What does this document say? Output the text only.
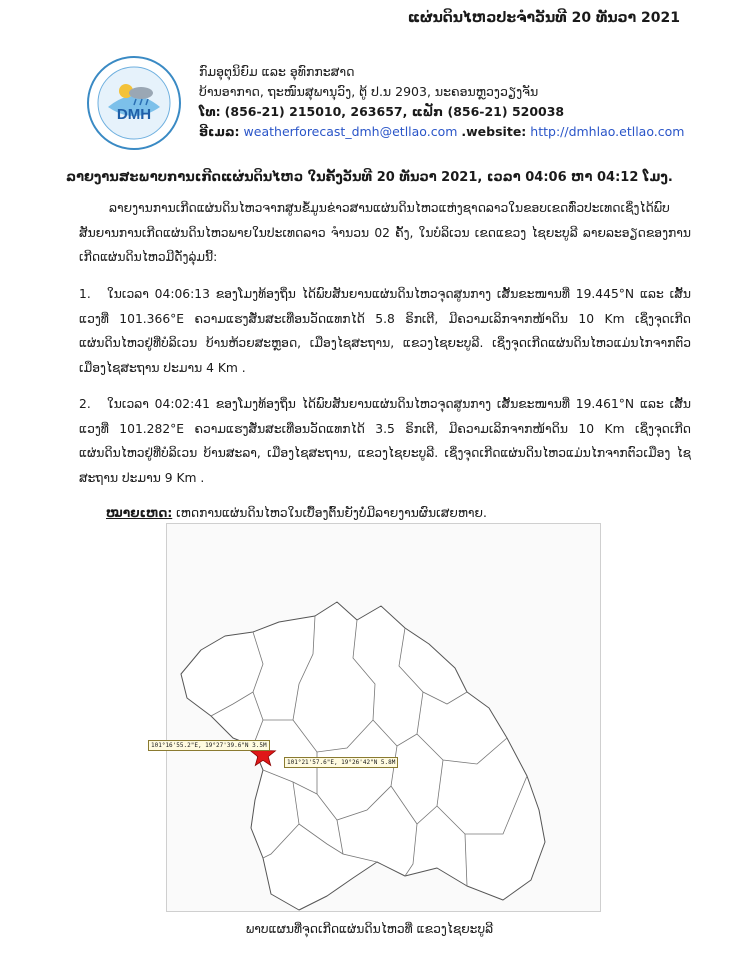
ແຜ່ນດິນໄຫວປະຈຳວັນທີ 20 ທັນວາ 2021
DMH
ກົມອຸຕຸນິຍົມ ແລະ ອຸທົກກະສາດ
ບ້ານອາກາດ, ຖະໜົນສຸພານຸວົງ, ຕູ້ ປ.ນ 2903, ນະຄອນຫຼວງວຽງຈັນ
ໂທ: (856-21) 215010, 263657, ແຟັກ (856-21) 520038
ອີເມລ: weatherforecast_dmh@etllao.com .website: http://dmhlao.etllao.com
ລາຍງານສະພາບການເກີດແຜ່ນດິນໄຫວ ໃນຄັ້ງວັນທີ 20 ທັນວາ 2021, ເວລາ 04:06 ຫາ 04:12 ໂມງ.
ລາຍງານການເກີດແຜ່ນດິນໄຫວຈາກສູນຂໍ້ມູນຂ່າວສານແຜ່ນດິນໄຫວແຫ່ງຊາດລາວໃນຂອບເຂດທົ່ວປະເທດເຊິ່ງໄດ້ພົບສັນຍານການເກີດແຜ່ນດິນໄຫວພາຍໃນປະເທດລາວ ຈຳນວນ 02 ຄັ້ງ, ໃນບໍລິເວນ ເຂດແຂວງ ໄຊຍະບູລີ ລາຍລະອຽດຂອງການເກີດແຜ່ນດິນໄຫວມີດັ່ງລຸ່ມນີ້:
1. ໃນເວລາ 04:06:13 ຂອງໂມງທ້ອງຖິ່ນ ໄດ້ພົບສັນຍານແຜ່ນດິນໄຫວຈຸດສູນກາງ ເສັ້ນຂະໜານທີ່ 19.445°N ແລະ ເສັ້ນແວງທີ່ 101.366°E ຄວາມແຮງສັ່ນສະເທືອນວັດແທກໄດ້ 5.8 ຣິກເຕີ, ມີຄວາມເລິກຈາກໜ້າດິນ 10 Km ເຊິ່ງຈຸດເກີດແຜ່ນດິນໄຫວຢູ່ທີ່ບໍລິເວນ ບ້ານຫ້ວຍສະຫຼອດ, ເມືອງໄຊສະຖານ, ແຂວງໄຊຍະບູລີ. ເຊິ່ງຈຸດເກີດແຜ່ນດິນໄຫວແມ່ນໄກຈາກຕົວເມືອງໄຊສະຖານ ປະມານ 4 Km .
2. ໃນເວລາ 04:02:41 ຂອງໂມງທ້ອງຖິ່ນ ໄດ້ພົບສັນຍານແຜ່ນດິນໄຫວຈຸດສູນກາງ ເສັ້ນຂະໜານທີ່ 19.461°N ແລະ ເສັ້ນແວງທີ່ 101.282°E ຄວາມແຮງສັ່ນສະເທືອນວັດແທກໄດ້ 3.5 ຣິກເຕີ, ມີຄວາມເລິກຈາກໜ້າດິນ 10 Km ເຊິ່ງຈຸດເກີດແຜ່ນດິນໄຫວຢູ່ທີ່ບໍລິເວນ ບ້ານສະລາ, ເມືອງໄຊສະຖານ, ແຂວງໄຊຍະບູລີ. ເຊິ່ງຈຸດເກີດແຜ່ນດິນໄຫວແມ່ນໄກຈາກຕົວເມືອງ ໄຊສະຖານ ປະມານ 9 Km .
ໝາຍເຫດ: ເຫດການແຜ່ນດິນໄຫວໃນເບື້ອງຕົ້ນຍັງບໍ່ມີລາຍງານຜົນເສຍຫາຍ.
101°16'55.2"E, 19°27'39.6"N 3.5M
101°21'57.6"E, 19°26'42"N 5.8M
ພາບແຜນທີ່ຈຸດເກີດແຜ່ນດິນໄຫວທີ່ ແຂວງໄຊຍະບູລີ
